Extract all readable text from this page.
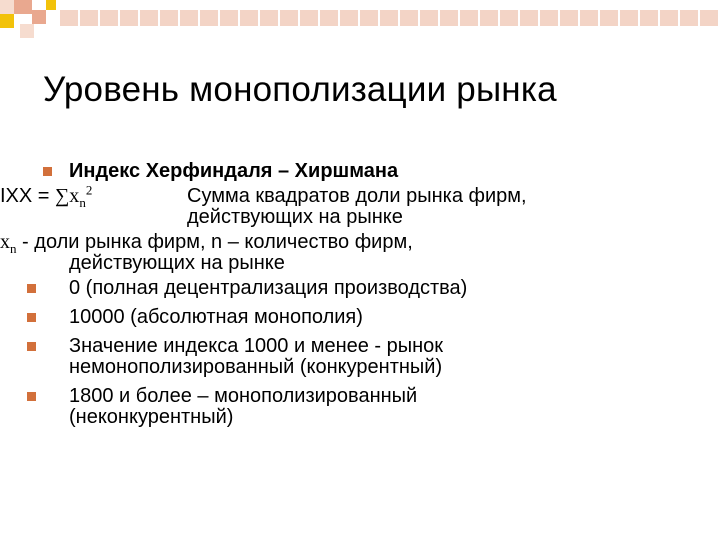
Уровень монополизации рынка
Индекс Херфиндаля – Хиршмана
IXX = $\sum x_n^2$	Сумма квадратов доли рынка фирм,
действующих на рынке
$x_n$ - доли рынка фирм, n – количество фирм,
действующих на рынке
0 (полная децентрализация производства)
10000 (абсолютная монополия)
Значение индекса 1000 и менее - рынок
немонополизированный (конкурентный)
1800 и более – монополизированный
(неконкурентный)
